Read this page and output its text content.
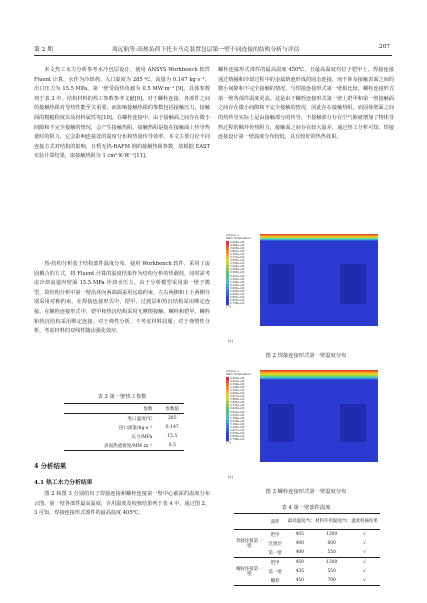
第 2 期	周远航等:高热负荷下托卡马克装置包层第一壁不同连接的结构分析与评估	207

本文热工水力分析参考水冷包层设计，使用 ANSYS Workbench 软件 Fluent 计算，水作为冷却剂。入口温度为 285 ℃、流量为 0.147 kg·s⁻¹、出口压力为 15.5 MPa。第一壁受面热负载为 0.5 MW·m⁻² [9]。具体参数列于表 3 中。结构材料的热工参数参考文献[9]。对于螺栓连接，各部件之间的接触热阻对导热性能至关重要，而影响接触热阻的参数包括接触压力、接触面的粗糙程度以及材料属性等[10]。在螺栓连接中，由于接触面之间存在微小间隙和不完全接触的情况，会产生接触热阻。接触热阻是指在接触面上传导热量时的阻力，它会影响连接处的温度分布和热量传导效率。本文主要讨论不同连接方式对结构的影响，且暂无钨-RAFM 钢的接触热阻参数，故根据 EAST 实验计算结果，取接触热阻为 1 cm²·K·W⁻¹[11]。

热-结构分析基于结构部件温度分布，使用 Workbench 软件，采用了流固耦合的方式，将 Fluent 计算的温度结果作为结构分析的热载荷，同时需考虑冷却流道内壁面 15.5 MPa 冷却水压力。由于分析模型采用第一壁子模型，故结构分析中第一壁沿环向两端面采用远端约束，左右两侧和上下两侧分别采用对称约束。在焊接连接形式中，铠甲、过渡层和热沉结构采用绑定连接。在螺栓连接形式中，铠甲和热沉结构采用无摩擦接触，螺栓和铠甲、螺栓和热沉结构采用绑定连接。对于弹性分析，不考虑材料屈服；对于弹塑性分析，考虑材料的双线性随动强化效应。

表 3 第一壁热工参数
参数	参数值
进口温度/℃	285
进口流量/kg·s⁻¹	0.147
压力/MPa	15.5
表面热流密度/MW·m⁻²	0.5
4 分析结果
4.1 热工水力分析结果

图 2 和图 3 分别给出了焊接连接和螺栓连接第一壁中心截面的温度分布云图。第一壁各部件最高温度、许用温度及校核结果列于表 4 中。通过图 2、3 可知，焊接连接形式部件的最高温度 405℃，

螺栓连接形式部件的最高温度 450℃，且最高温度均位于铠甲上。焊接连接通过熔融和冷却过程中的金属熔池形成的固态连接，而不涉及接触表面之间的微小间隙和不完全接触的情况，与焊接连接形式第一壁相比较，螺栓连接形式第一壁各部件温度更高。这是由于螺栓连接形式第一壁上铠甲和第一壁接触面之间存在微小间隙和不完全接触的情况，因此存在接触热阻。而固体壁面之间的热传导实际上是由接触部分的传导，不接触部分存在空气隙就增加了物体导热过程的额外传热阻力，接触面之间存在较大温差。通过热工分析可知，焊接连接设计第一壁温度分布较低，具有较好的热热效果。

Contour 1
Static Temperature
[°C]
4.049e+02
3.984e+02
3.918e+02
3.852e+02
3.787e+02
3.721e+02
3.655e+02
3.590e+02
3.524e+02
3.458e+02
3.393e+02
3.327e+02
3.261e+02
3.196e+02
3.130e+02
3.064e+02
2.999e+02
2.933e+02
2.867e+02
2.802e+02
2.736e+02
(c)
图 2 焊接连接形式第一壁温度分布
Contour 1
Static Temperature
[°C]
4.500e+02
4.413e+02
4.326e+02
4.238e+02
4.151e+02
4.064e+02
3.977e+02
3.889e+02
3.802e+02
3.715e+02
3.628e+02
3.541e+02
3.453e+02
3.366e+02
3.279e+02
3.192e+02
3.104e+02
3.017e+02
2.930e+02
2.843e+02
2.756e+02
(c)
图 3 螺栓连接形式第一壁温度分布
表 4 第一壁部件温度
	部件	最高温度/℃	材料许用温度/℃	温度校核结果
焊接连接第一壁	铠甲	405	1300	√
	过渡层	400	600	√
	第一壁	400	550	√
螺栓连接第一壁	铠甲	450	1300	√
	第一壁	435	550	√
	螺栓	450	700	√
